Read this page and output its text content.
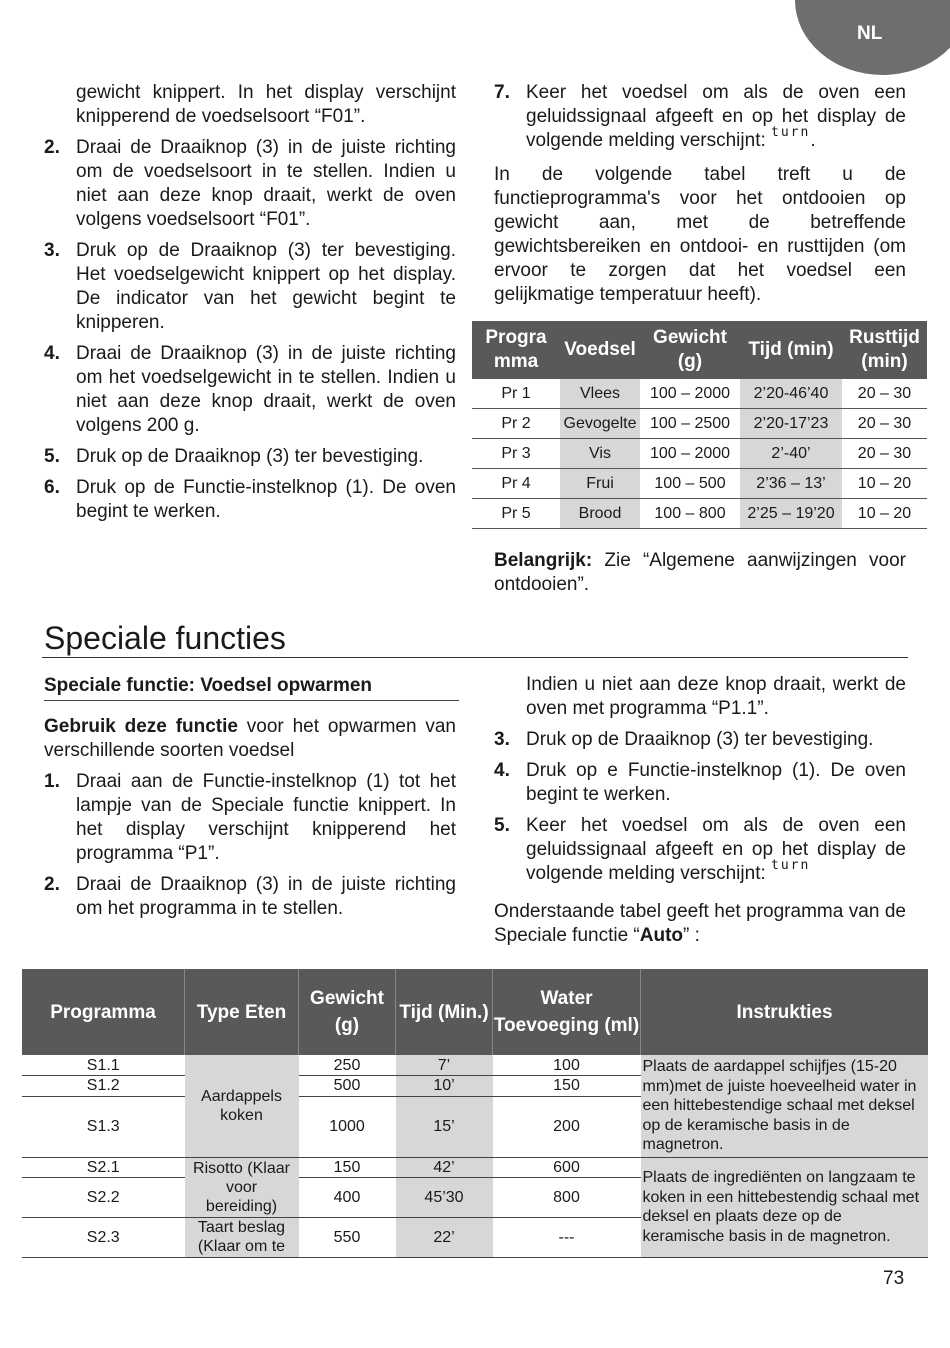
NL

gewicht knippert. In het display verschijnt knipperend de voedselsoort “F01”.

2. Draai de Draaiknop (3) in de juiste richting om de voedselsoort in te stellen. Indien u niet aan deze knop draait, werkt de oven volgens voedselsoort “F01”.
3. Druk op de Draaiknop (3) ter bevestiging. Het voedselgewicht knippert op het display. De indicator van het gewicht begint te knipperen.
4. Draai de Draaiknop (3) in de juiste richting om het voedselgewicht in te stellen. Indien u niet aan deze knop draait, werkt de oven volgens 200 g.
5. Druk op de Draaiknop (3) ter bevestiging.
6. Druk op de Functie-instelknop (1). De oven begint te werken.
7. Keer het voedsel om als de oven een geluidssignaal afgeeft en op het display de volgende melding verschijnt: $^{turn}$.

In de volgende tabel treft u de functieprogramma's voor het ontdooien op gewicht aan, met de betreffende gewichtsbereiken en ontdooi- en rusttijden (om ervoor te zorgen dat het voedsel een gelijkmatige temperatuur heeft).

Progra mma	Voedsel	Gewicht (g)	Tijd (min)	Rusttijd (min)
Pr 1	Vlees	100 – 2000	2’20-46’40	20 – 30
Pr 2	Gevogelte	100 – 2500	2’20-17’23	20 – 30
Pr 3	Vis	100 – 2000	2’-40’	20 – 30
Pr 4	Frui	100 – 500	2’36 – 13’	10 – 20
Pr 5	Brood	100 – 800	2’25 – 19’20	10 – 20

Belangrijk: Zie “Algemene aanwijzingen voor ontdooien”.

Speciale functies
Speciale functie: Voedsel opwarmen

Gebruik deze functie voor het opwarmen van verschillende soorten voedsel

1. Draai aan de Functie-instelknop (1) tot het lampje van de Speciale functie knippert. In het display verschijnt knipperend het programma “P1”.
2. Draai de Draaiknop (3) in de juiste richting om het programma in te stellen.

Indien u niet aan deze knop draait, werkt de oven met programma “P1.1”.

3. Druk op de Draaiknop (3) ter bevestiging.
4. Druk op e Functie-instelknop (1). De oven begint te werken.
5. Keer het voedsel om als de oven een geluidssignaal afgeeft en op het display de volgende melding verschijnt: $^{turn}$

Onderstaande tabel geeft het programma van de Speciale functie “Auto” :

Programma	Type Eten	Gewicht (g)	Tijd (Min.)	Water Toevoeging (ml)	Instrukties
S1.1	Aardappels koken	250	7’	100	Plaats de aardappel schijfjes (15-20 mm)met de juiste hoeveelheid water in een hittebestendige schaal met deksel op de keramische basis in de magnetron.
S1.2		500	10’	150	
S1.3		1000	15’	200	
S2.1	Risotto (Klaar voor bereiding)	150	42’	600	Plaats de ingrediënten on langzaam te koken in een hittebestendig schaal met deksel en plaats deze op de keramische basis in de magnetron.
S2.2		400	45’30	800	
S2.3	Taart beslag (Klaar om te	550	22’	---	
73
